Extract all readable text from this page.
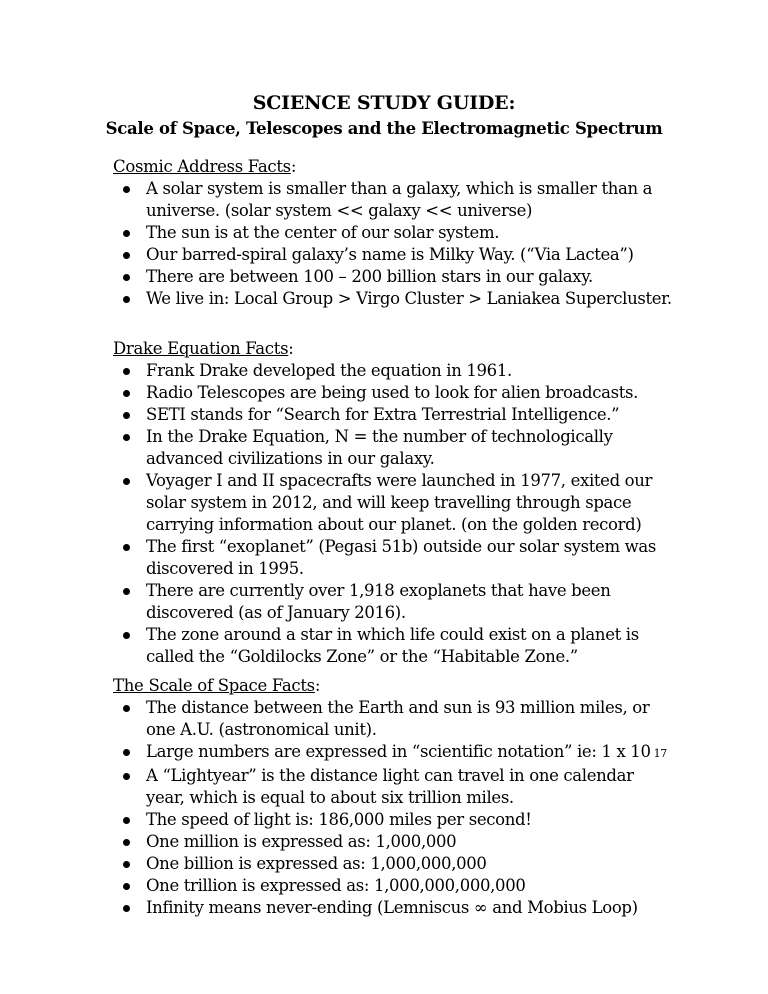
SCIENCE STUDY GUIDE:
Scale of Space, Telescopes and the Electromagnetic Spectrum
Cosmic Address Facts:
A solar system is smaller than a galaxy, which is smaller than a universe. (solar system << galaxy << universe)
The sun is at the center of our solar system.
Our barred-spiral galaxy’s name is Milky Way. (“Via Lactea”)
There are between 100 – 200 billion stars in our galaxy.
We live in: Local Group > Virgo Cluster > Laniakea Supercluster.
Drake Equation Facts:
Frank Drake developed the equation in 1961.
Radio Telescopes are being used to look for alien broadcasts.
SETI stands for “Search for Extra Terrestrial Intelligence.”
In the Drake Equation, N = the number of technologically advanced civilizations in our galaxy.
Voyager I and II spacecrafts were launched in 1977, exited our solar system in 2012, and will keep travelling through space carrying information about our planet. (on the golden record)
The first “exoplanet” (Pegasi 51b) outside our solar system was discovered in 1995.
There are currently over 1,918 exoplanets that have been discovered (as of January 2016).
The zone around a star in which life could exist on a planet is called the “Goldilocks Zone” or the “Habitable Zone.”
The Scale of Space Facts:
The distance between the Earth and sun is 93 million miles, or one A.U. (astronomical unit).
Large numbers are expressed in “scientific notation” ie: 1 x 10 17
A “Lightyear” is the distance light can travel in one calendar year, which is equal to about six trillion miles.
The speed of light is: 186,000 miles per second!
One million is expressed as: 1,000,000
One billion is expressed as: 1,000,000,000
One trillion is expressed as: 1,000,000,000,000
Infinity means never-ending (Lemniscus ∞ and Mobius Loop)
